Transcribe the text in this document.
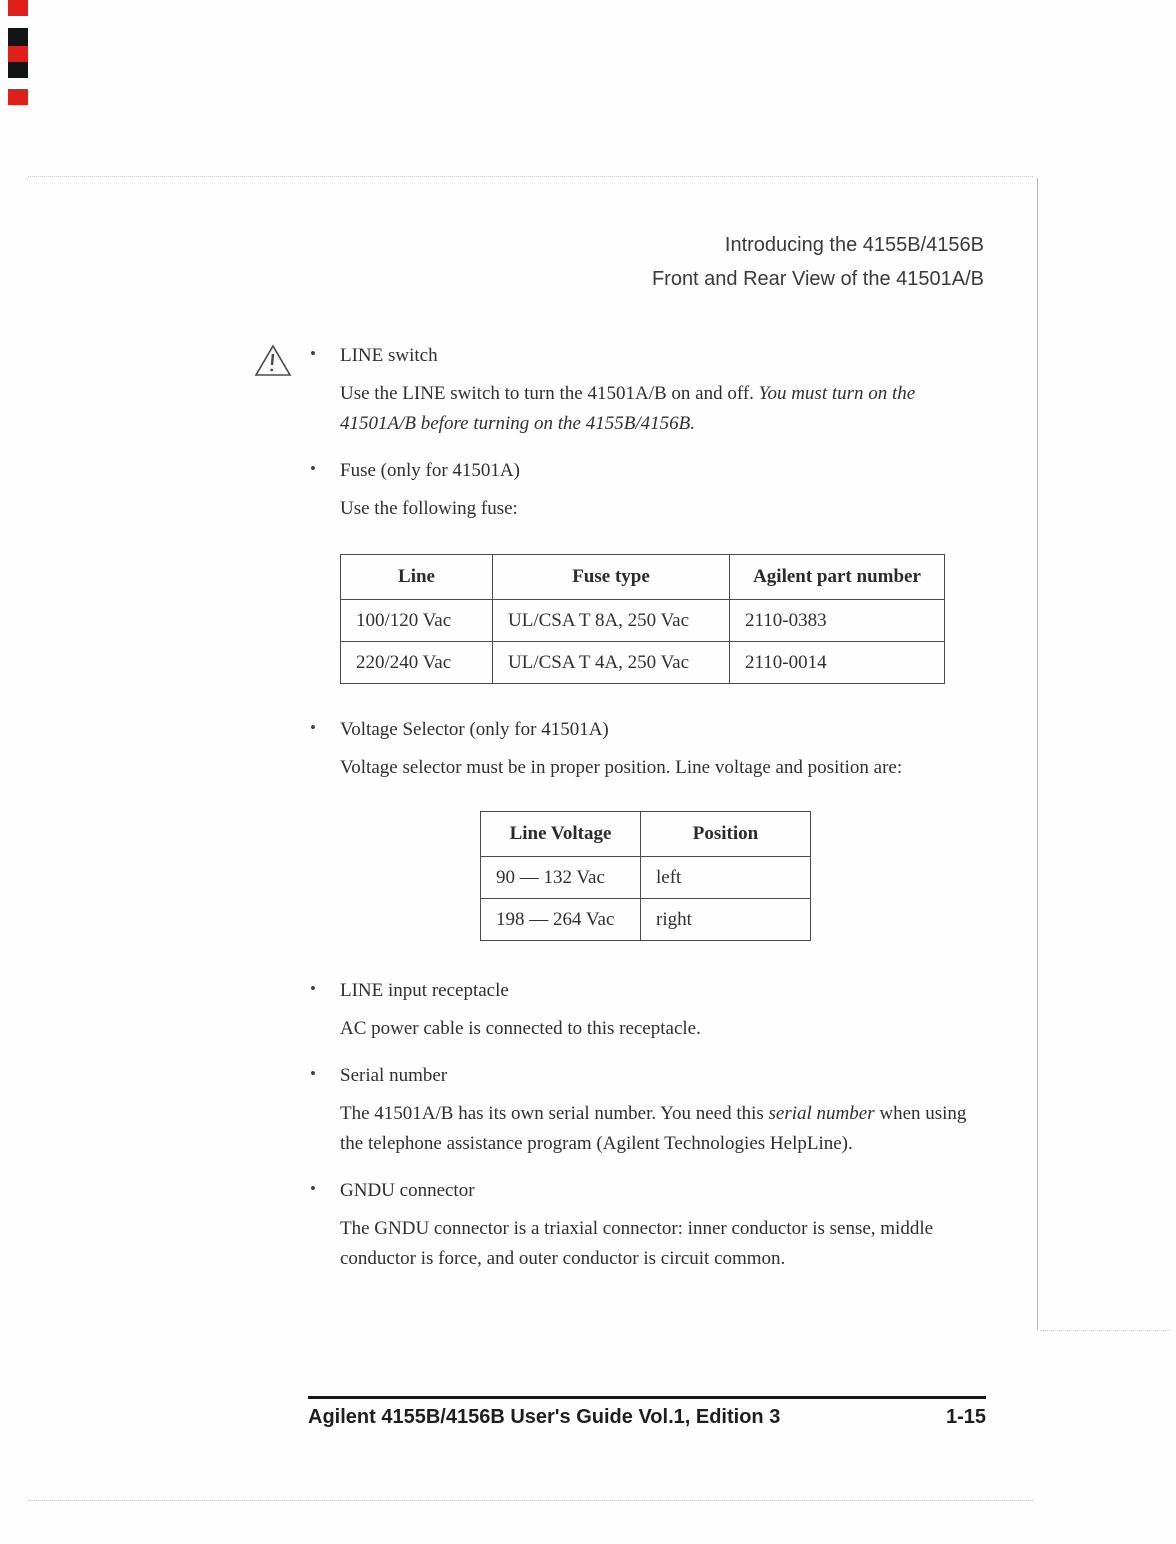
Introducing the 4155B/4156B
Front and Rear View of the 41501A/B
• LINE switch

Use the LINE switch to turn the 41501A/B on and off. You must turn on the 41501A/B before turning on the 4155B/4156B.

• Fuse (only for 41501A)

Use the following fuse:

Line	Fuse type	Agilent part number
100/120 Vac	UL/CSA T 8A, 250 Vac	2110-0383
220/240 Vac	UL/CSA T 4A, 250 Vac	2110-0014
• Voltage Selector (only for 41501A)

Voltage selector must be in proper position. Line voltage and position are:

Line Voltage	Position
90 — 132 Vac	left
198 — 264 Vac	right
• LINE input receptacle

AC power cable is connected to this receptacle.

• Serial number

The 41501A/B has its own serial number. You need this serial number when using the telephone assistance program (Agilent Technologies HelpLine).

• GNDU connector

The GNDU connector is a triaxial connector: inner conductor is sense, middle conductor is force, and outer conductor is circuit common.

Agilent 4155B/4156B User's Guide Vol.1, Edition 3	1-15
